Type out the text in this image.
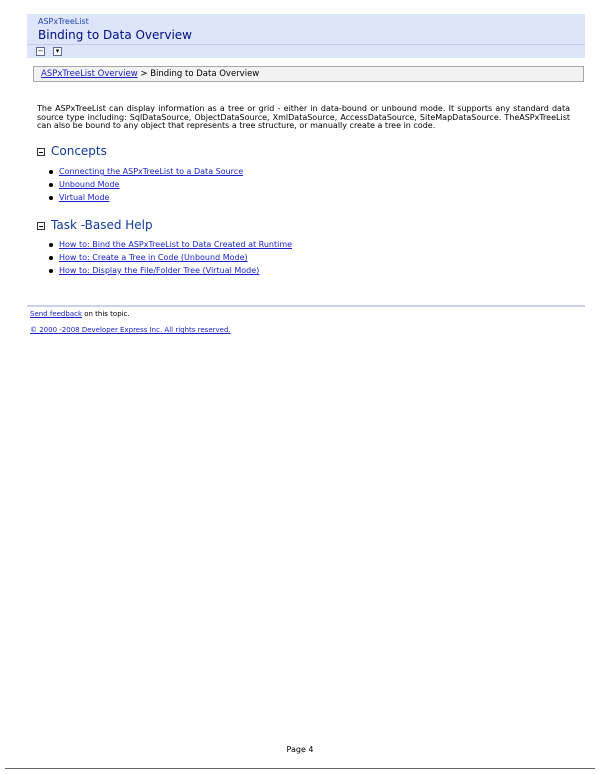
ASPxTreeList
Binding to Data Overview
−	▾
ASPxTreeList Overview > Binding to Data Overview
The ASPxTreeList can display information as a tree or grid - either in data-bound or unbound mode. It supports any standard data source type including: SqlDataSource, ObjectDataSource, XmlDataSource, AccessDataSource, SiteMapDataSource. TheASPxTreeList can also be bound to any object that represents a tree structure, or manually create a tree in code.
Concepts
Connecting the ASPxTreeList to a Data Source
Unbound Mode
Virtual Mode
Task -Based Help
How to: Bind the ASPxTreeList to Data Created at Runtime
How to: Create a Tree in Code (Unbound Mode)
How to: Display the File/Folder Tree (Virtual Mode)
Send feedback on this topic.
© 2000 -2008 Developer Express Inc. All rights reserved.
Page 4
